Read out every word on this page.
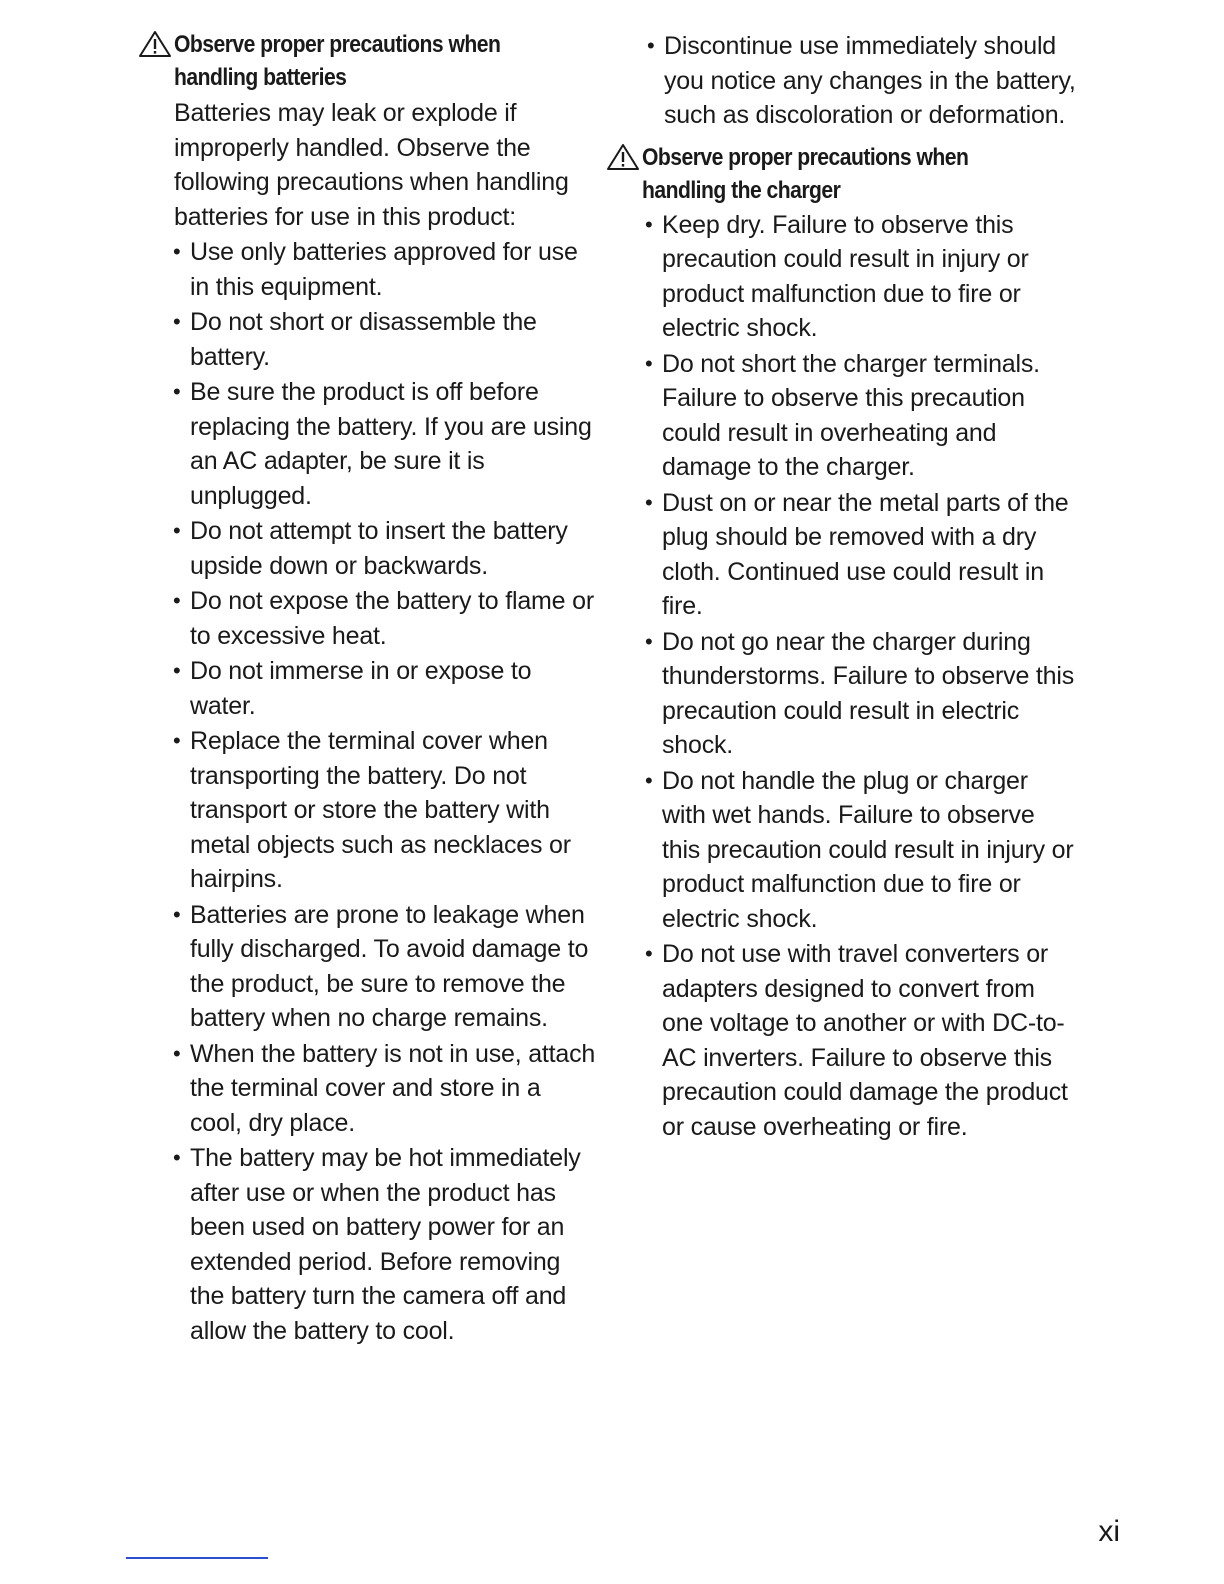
Observe proper precautions when handling batteries

Batteries may leak or explode if improperly handled. Observe the following precautions when handling batteries for use in this product:

• Use only batteries approved for use in this equipment.
• Do not short or disassemble the battery.
• Be sure the product is off before replacing the battery. If you are using an AC adapter, be sure it is unplugged.
• Do not attempt to insert the battery upside down or backwards.
• Do not expose the battery to flame or to excessive heat.
• Do not immerse in or expose to water.
• Replace the terminal cover when transporting the battery. Do not transport or store the battery with metal objects such as necklaces or hairpins.
• Batteries are prone to leakage when fully discharged. To avoid damage to the product, be sure to remove the battery when no charge remains.
• When the battery is not in use, attach the terminal cover and store in a cool, dry place.
• The battery may be hot immediately after use or when the product has been used on battery power for an extended period. Before removing the battery turn the camera off and allow the battery to cool.
• Discontinue use immediately should you notice any changes in the battery, such as discoloration or deformation.
Observe proper precautions when handling the charger
• Keep dry. Failure to observe this precaution could result in injury or product malfunction due to fire or electric shock.
• Do not short the charger terminals. Failure to observe this precaution could result in overheating and damage to the charger.
• Dust on or near the metal parts of the plug should be removed with a dry cloth. Continued use could result in fire.
• Do not go near the charger during thunderstorms. Failure to observe this precaution could result in electric shock.
• Do not handle the plug or charger with wet hands. Failure to observe this precaution could result in injury or product malfunction due to fire or electric shock.
• Do not use with travel converters or adapters designed to convert from one voltage to another or with DC-to-AC inverters. Failure to observe this precaution could damage the product or cause overheating or fire.
xi
